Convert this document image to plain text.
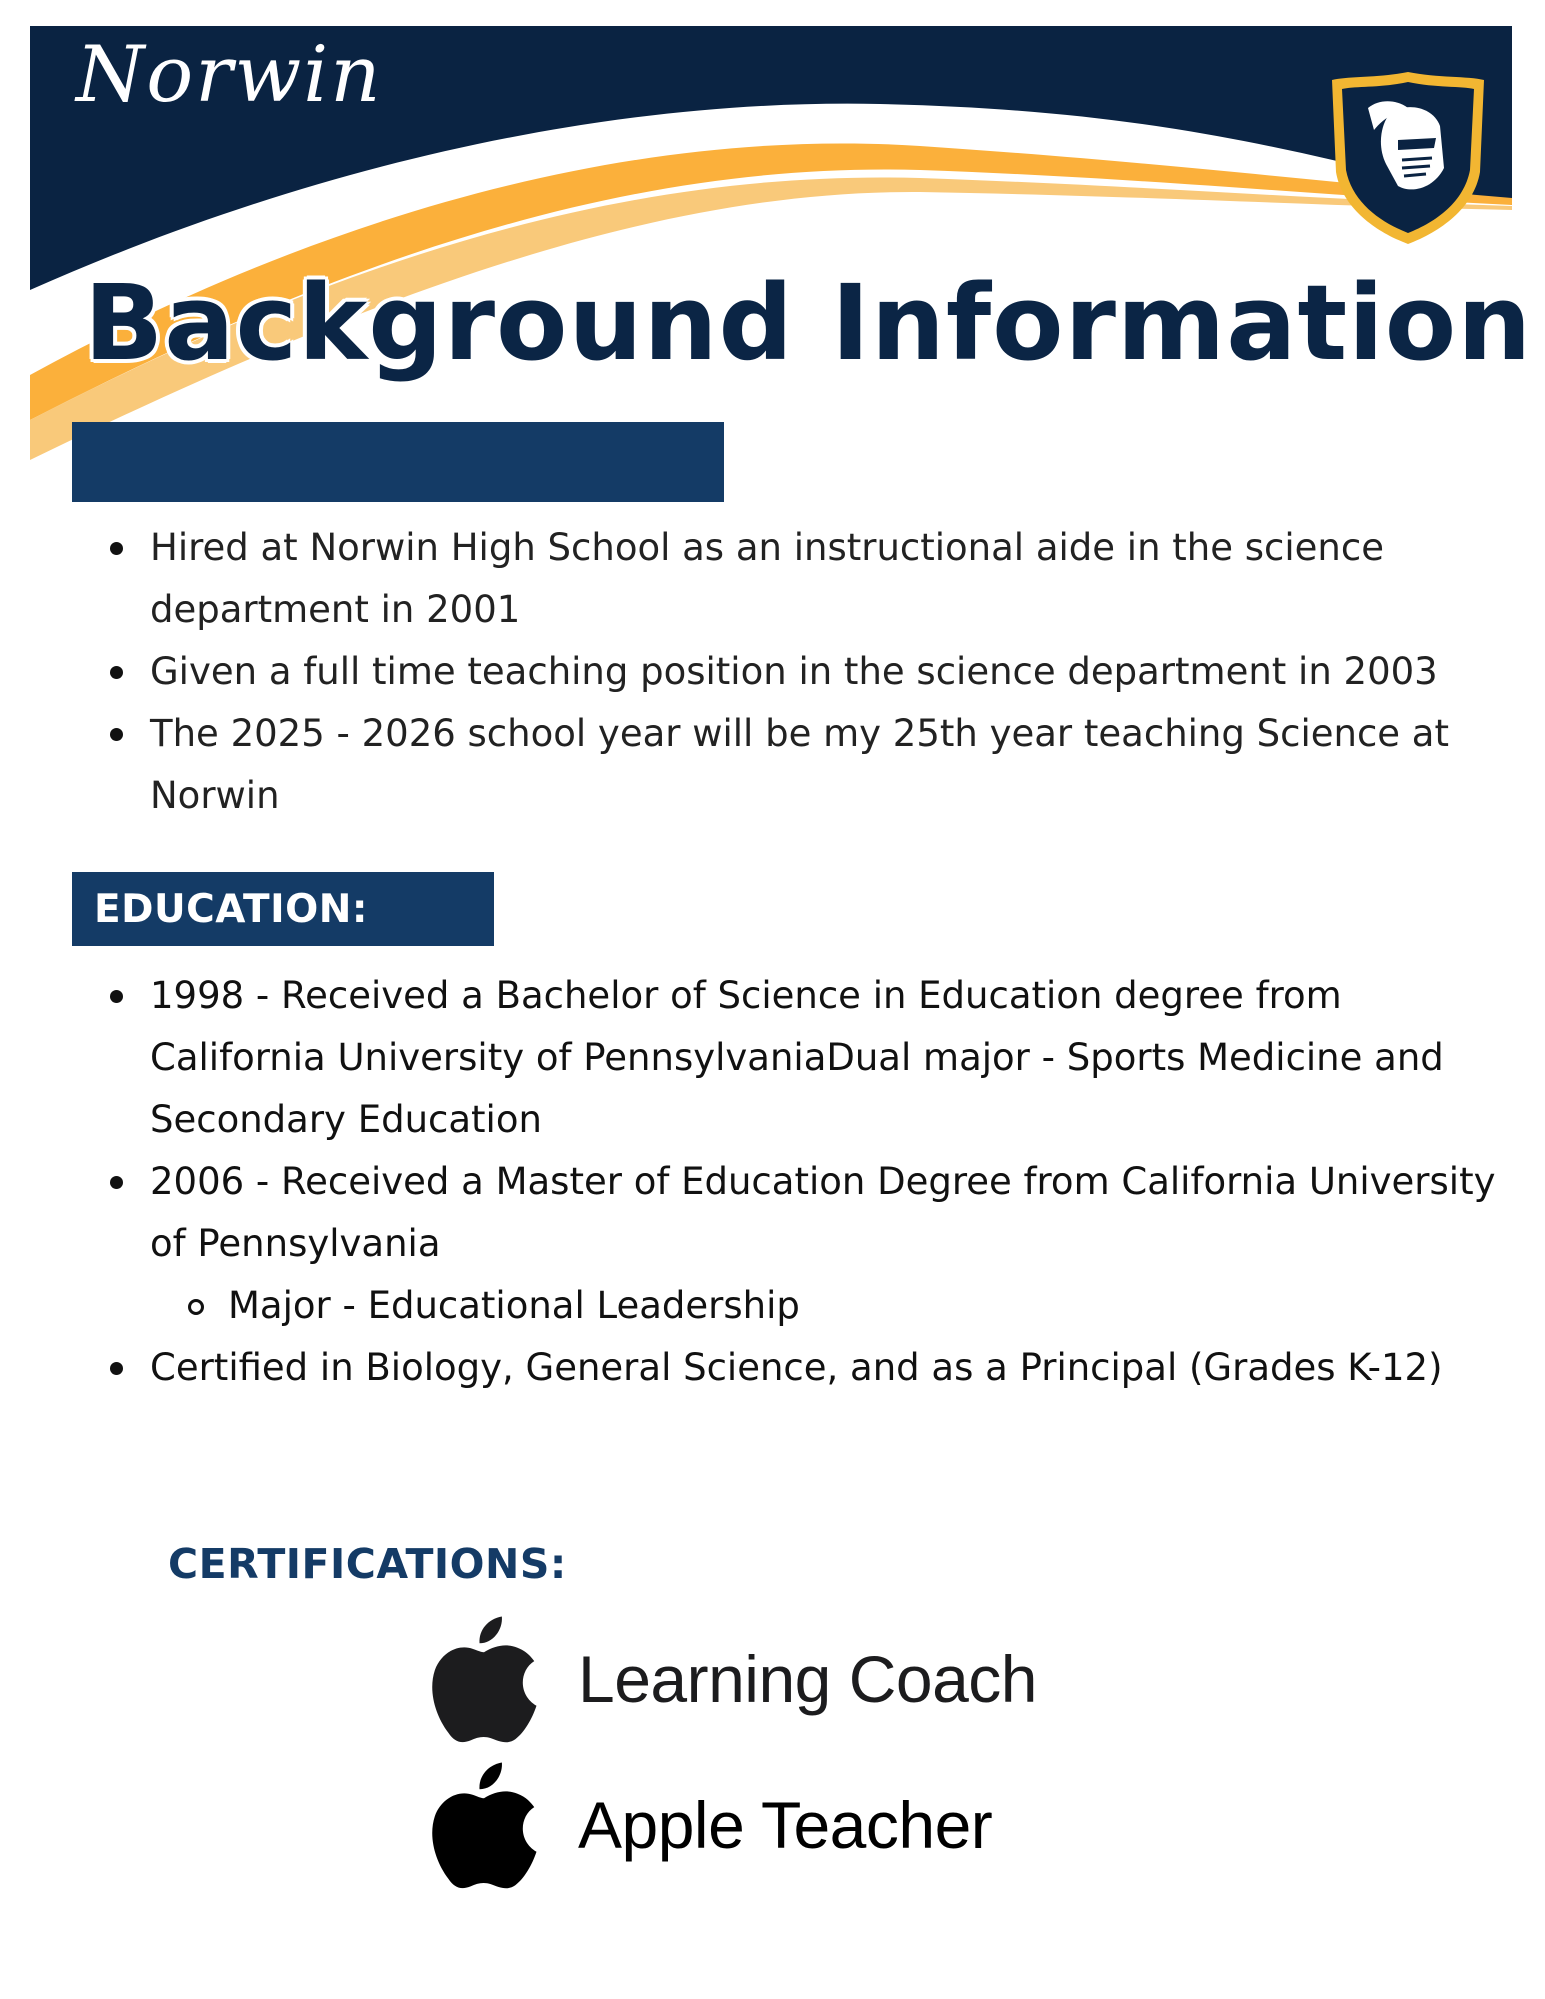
Norwin
Background Information
Hired at Norwin High School as an instructional aide in the science department in 2001
Given a full time teaching position in the science department in 2003
The 2025 - 2026 school year will be my 25th year teaching Science at Norwin
EDUCATION:
1998 - Received a Bachelor of Science in Education degree from California University of PennsylvaniaDual major - Sports Medicine and Secondary Education
2006 - Received a Master of Education Degree from California University of Pennsylvania
Major - Educational Leadership
Certified in Biology, General Science, and as a Principal (Grades K-12)
CERTIFICATIONS:
Learning Coach
Apple Teacher
